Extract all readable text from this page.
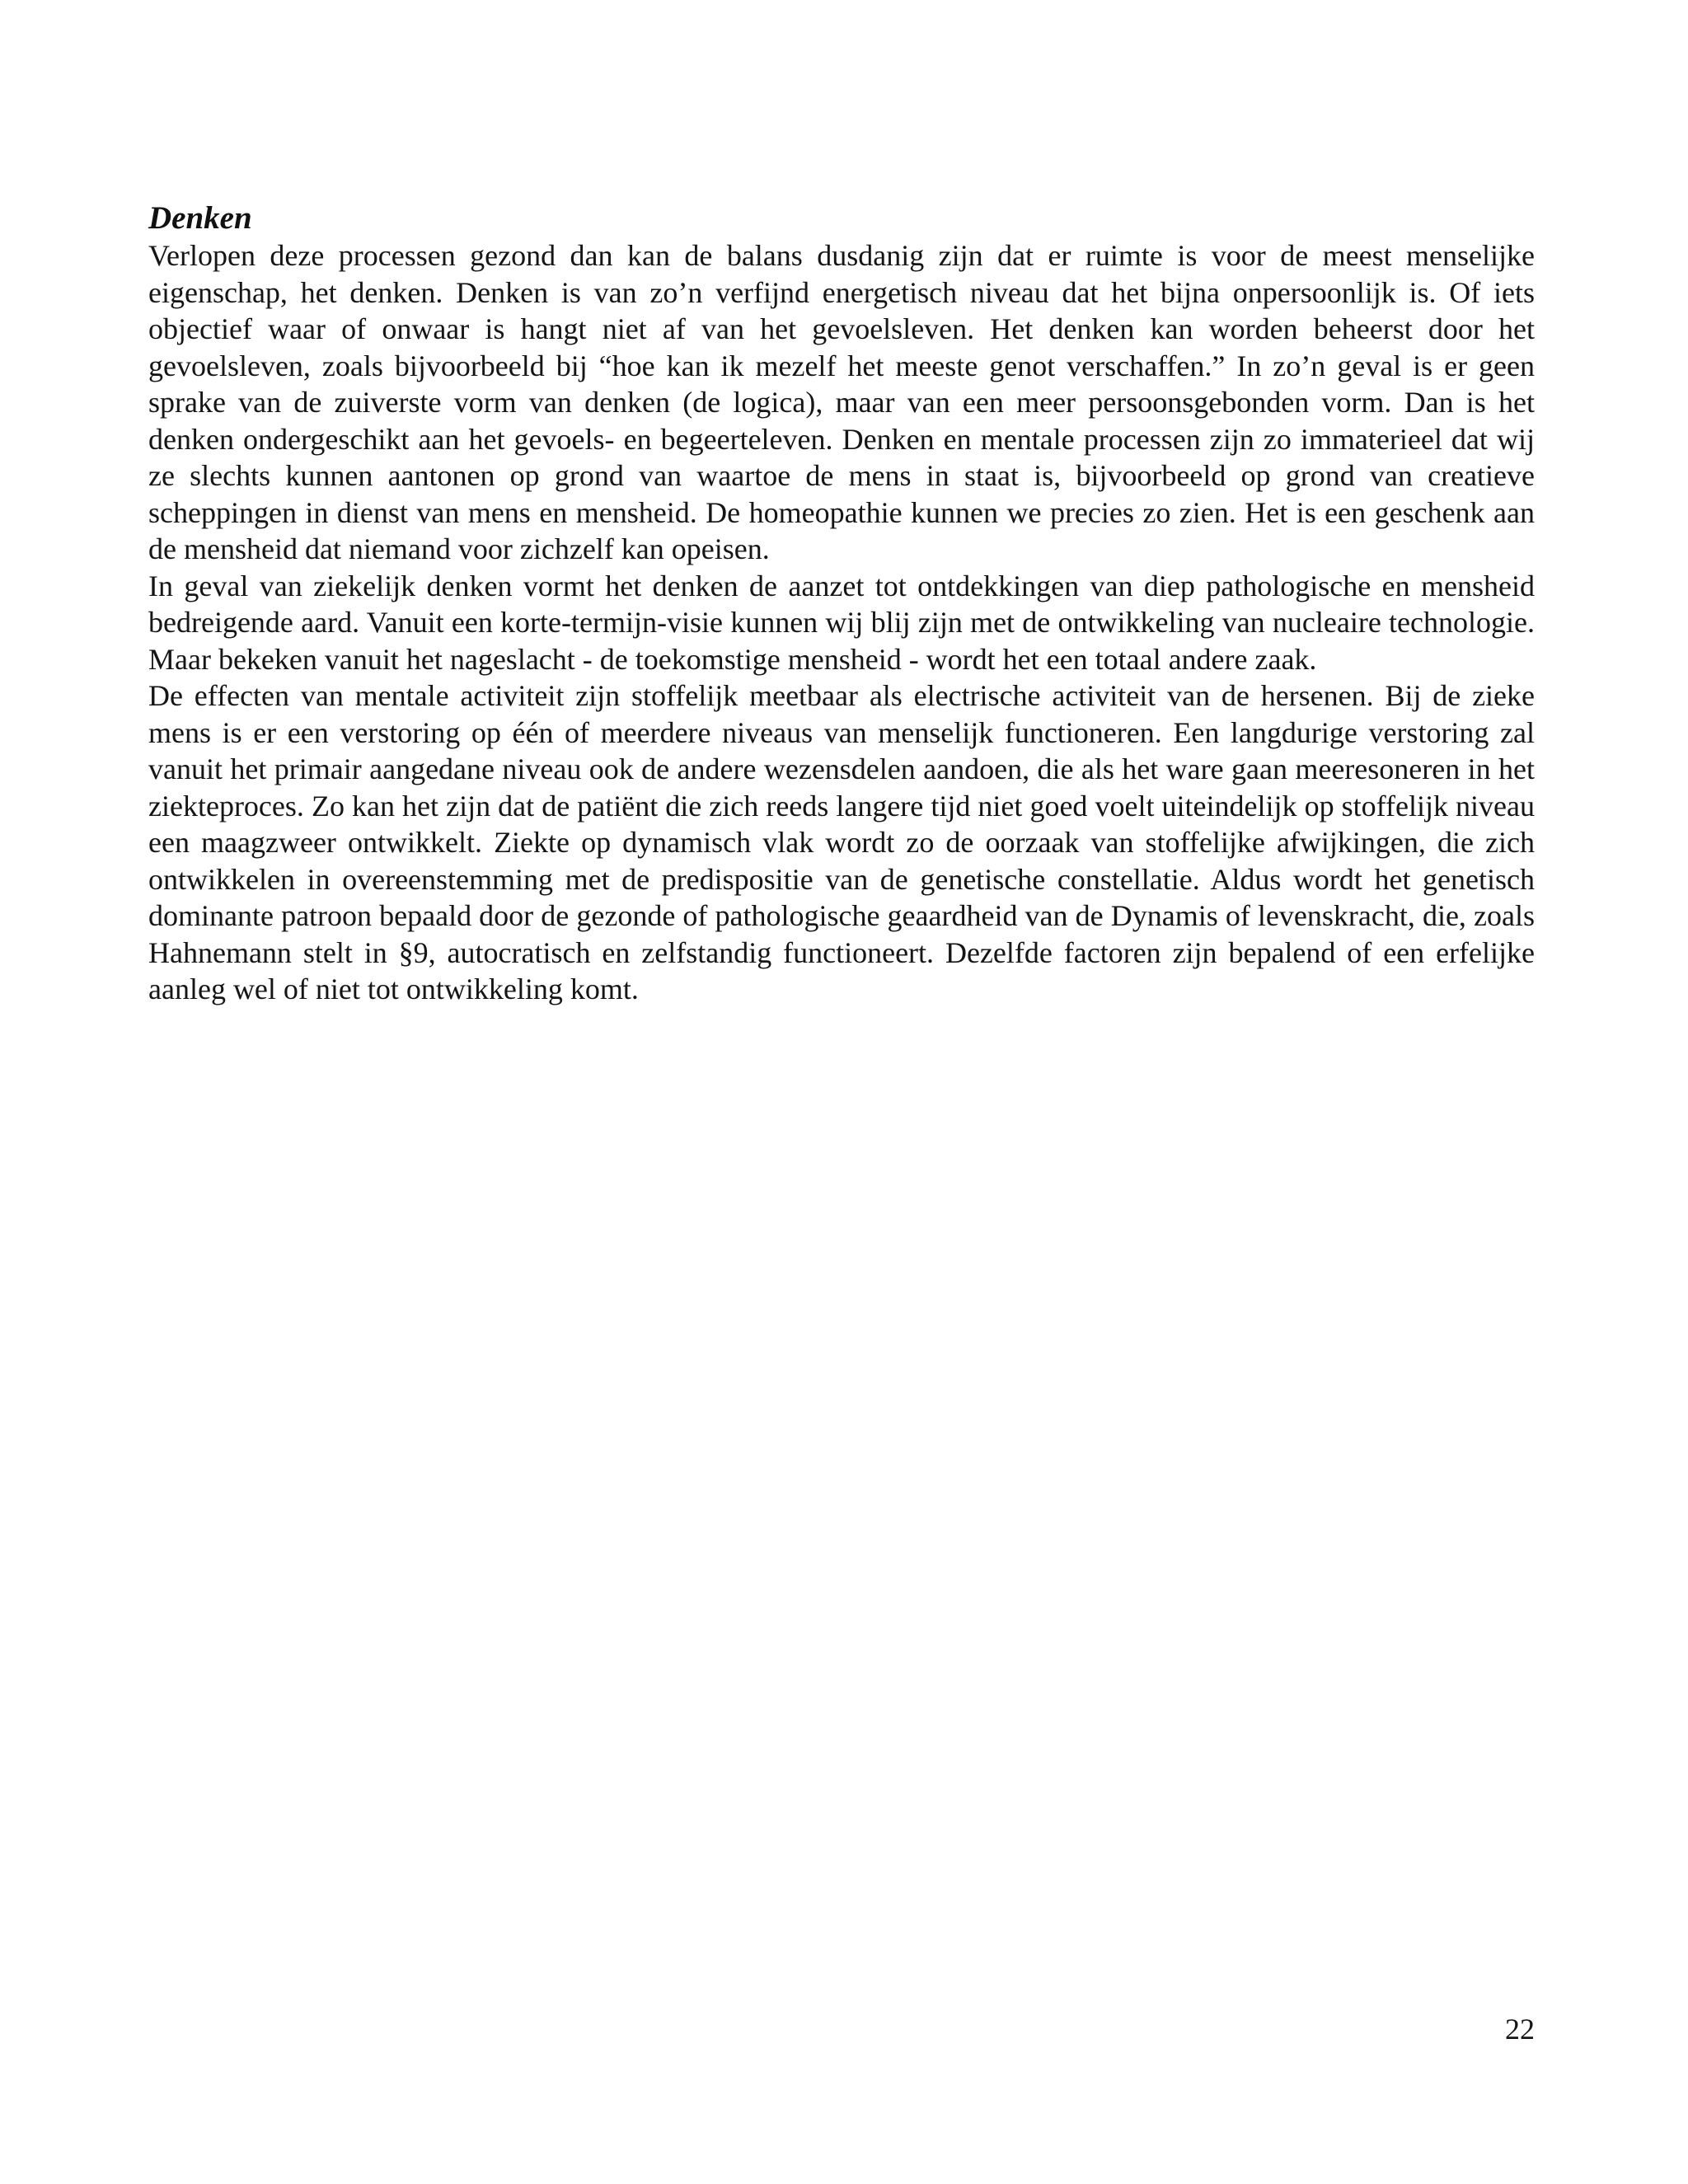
Denken

Verlopen deze processen gezond dan kan de balans dusdanig zijn dat er ruimte is voor de meest menselijke eigenschap, het denken. Denken is van zo’n verfijnd energetisch niveau dat het bijna onpersoonlijk is. Of iets objectief waar of onwaar is hangt niet af van het gevoelsleven. Het denken kan worden beheerst door het gevoelsleven, zoals bijvoorbeeld bij “hoe kan ik mezelf het meeste genot verschaffen.” In zo’n geval is er geen sprake van de zuiverste vorm van denken (de logica), maar van een meer persoonsgebonden vorm. Dan is het denken ondergeschikt aan het gevoels- en begeerteleven. Denken en mentale processen zijn zo immaterieel dat wij ze slechts kunnen aantonen op grond van waartoe de mens in staat is, bijvoorbeeld op grond van creatieve scheppingen in dienst van mens en mensheid. De homeopathie kunnen we precies zo zien. Het is een geschenk aan de mensheid dat niemand voor zichzelf kan opeisen.

In geval van ziekelijk denken vormt het denken de aanzet tot ontdekkingen van diep pathologische en mensheid bedreigende aard. Vanuit een korte-termijn-visie kunnen wij blij zijn met de ontwikkeling van nucleaire technologie. Maar bekeken vanuit het nageslacht - de toekomstige mensheid - wordt het een totaal andere zaak.

De effecten van mentale activiteit zijn stoffelijk meetbaar als electrische activiteit van de hersenen. Bij de zieke mens is er een verstoring op één of meerdere niveaus van menselijk functioneren. Een langdurige verstoring zal vanuit het primair aangedane niveau ook de andere wezensdelen aandoen, die als het ware gaan meeresoneren in het ziekteproces. Zo kan het zijn dat de patiënt die zich reeds langere tijd niet goed voelt uiteindelijk op stoffelijk niveau een maagzweer ontwikkelt. Ziekte op dynamisch vlak wordt zo de oorzaak van stoffelijke afwijkingen, die zich ontwikkelen in overeenstemming met de predispositie van de genetische constellatie. Aldus wordt het genetisch dominante patroon bepaald door de gezonde of pathologische geaardheid van de Dynamis of levenskracht, die, zoals Hahnemann stelt in §9, autocratisch en zelfstandig functioneert. Dezelfde factoren zijn bepalend of een erfelijke aanleg wel of niet tot ontwikkeling komt.

22
